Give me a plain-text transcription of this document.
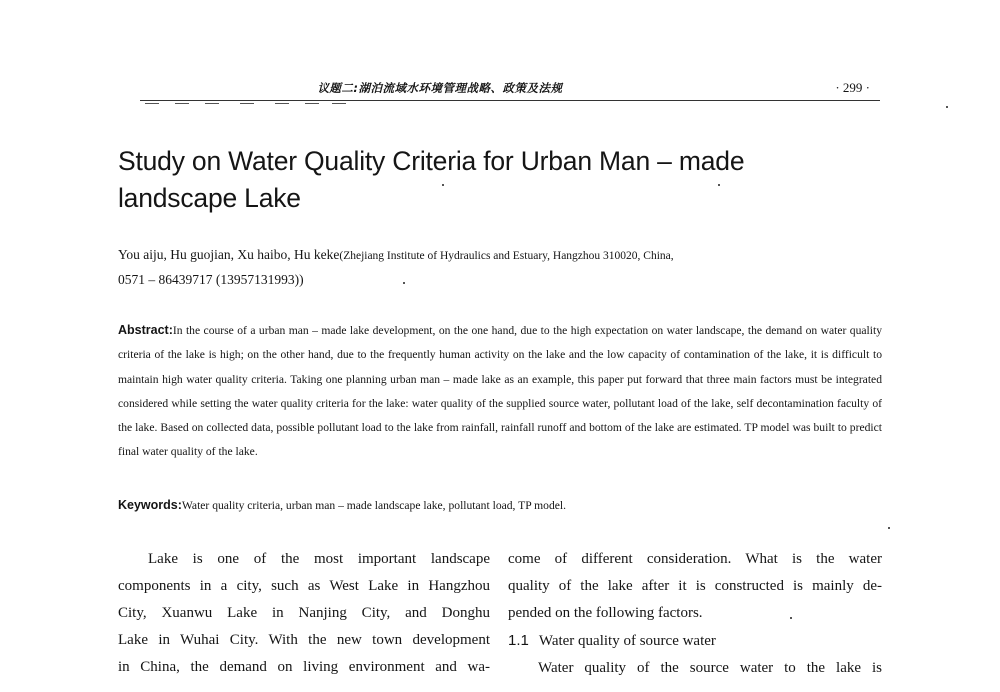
议题二:湖泊流域水环境管理战略、政策及法规	· 299 ·
Study on Water Quality Criteria for Urban Man – made
landscape Lake
You aiju, Hu guojian, Xu haibo, Hu keke(Zhejiang Institute of Hydraulics and Estuary, Hangzhou 310020, China,
0571 – 86439717 (13957131993))
Abstract:In the course of a urban man – made lake development, on the one hand, due to the high expectation on water landscape, the demand on water quality criteria of the lake is high; on the other hand, due to the frequently human activity on the lake and the low capacity of contamination of the lake, it is difficult to maintain high water quality criteria. Taking one planning urban man – made lake as an example, this paper put forward that three main factors must be integrated considered while setting the water quality criteria for the lake: water quality of the supplied source water, pollutant load of the lake, self decontamination faculty of the lake. Based on collected data, possible pollutant load to the lake from rainfall, rainfall runoff and bottom of the lake are estimated. TP model was built to predict final water quality of the lake.
Keywords:Water quality criteria, urban man – made landscape lake, pollutant load, TP model.
Lake is one of the most important landscape
components in a city, such as West Lake in Hangzhou
City, Xuanwu Lake in Nanjing City, and Donghu
Lake in Wuhai City. With the new town development
in China, the demand on living environment and wa-
come of different consideration. What is the water
quality of the lake after it is constructed is mainly de-
pended on the following factors.
1.1 Water quality of source water
Water quality of the source water to the lake is
